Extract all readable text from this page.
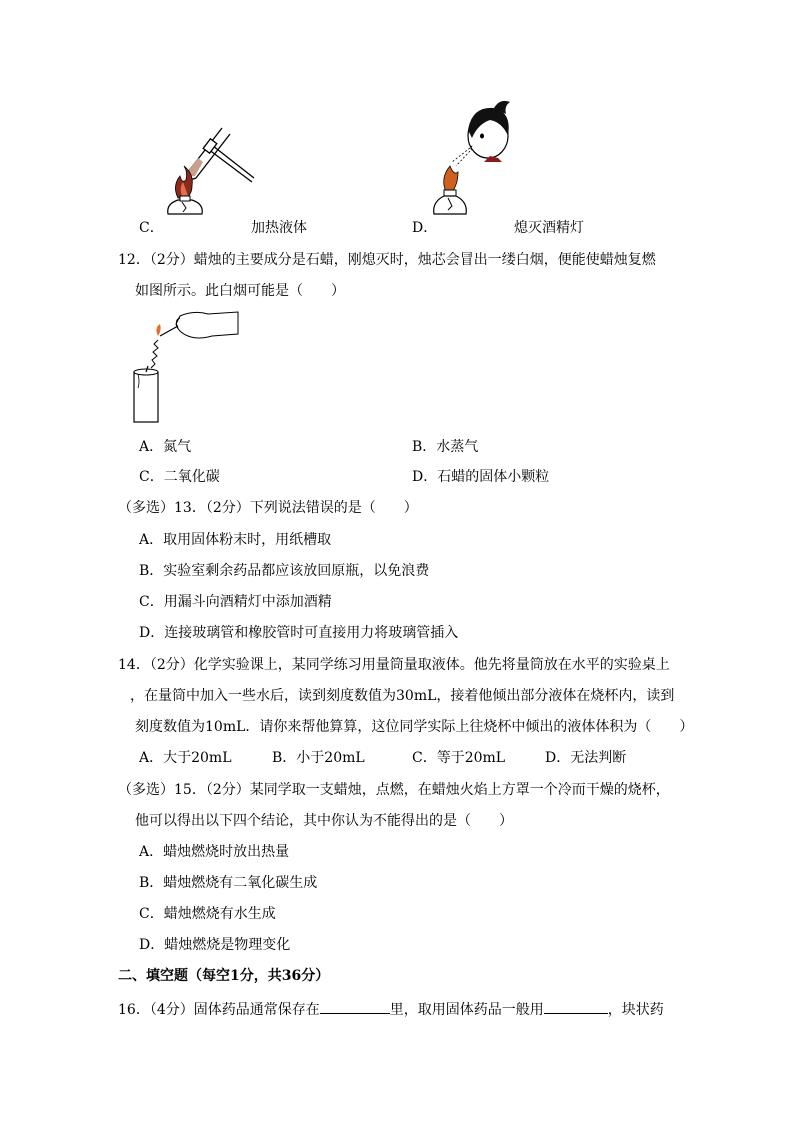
C．	加热液体	D．	熄灭酒精灯
12．（2分）蜡烛的主要成分是石蜡，刚熄灭时，烛芯会冒出一缕白烟，便能使蜡烛复燃
如图所示。此白烟可能是（　　）
A．氮气	B．水蒸气
C．二氧化碳	D．石蜡的固体小颗粒
（多选）13．（2分）下列说法错误的是（　　）
A．取用固体粉末时，用纸槽取
B．实验室剩余药品都应该放回原瓶，以免浪费
C．用漏斗向酒精灯中添加酒精
D．连接玻璃管和橡胶管时可直接用力将玻璃管插入
14．（2分）化学实验课上，某同学练习用量筒量取液体。他先将量筒放在水平的实验桌上
，在量筒中加入一些水后，读到刻度数值为30mL，接着他倾出部分液体在烧杯内，读到
刻度数值为10mL．请你来帮他算算，这位同学实际上往烧杯中倾出的液体体积为（　　）
A．大于20mL	B．小于20mL	C．等于20mL	D．无法判断
（多选）15．（2分）某同学取一支蜡烛，点燃，在蜡烛火焰上方罩一个冷而干燥的烧杯，
他可以得出以下四个结论，其中你认为不能得出的是（　　）
A．蜡烛燃烧时放出热量
B．蜡烛燃烧有二氧化碳生成
C．蜡烛燃烧有水生成
D．蜡烛燃烧是物理变化
二、填空题（每空1分，共36分）
16．（4分）固体药品通常保存在	里，取用固体药品一般用	，块状药
